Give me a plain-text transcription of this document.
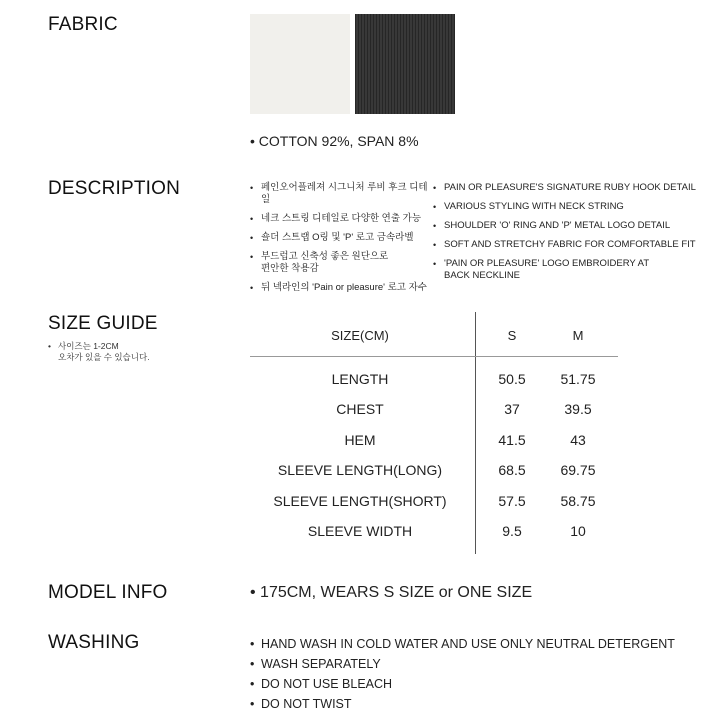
FABRIC
• COTTON 92%, SPAN 8%
DESCRIPTION	• 페인오어플레져 시그니처 루비 후크 디테일
• 네크 스트링 디테일로 다양한 연출 가능
• 숄더 스트랩 O링 및 'P' 로고 금속라벨
• 부드럽고 신축성 좋은 원단으로
편안한 착용감
• 뒤 넥라인의 'Pain or pleasure' 로고 자수
• PAIN OR PLEASURE'S SIGNATURE RUBY HOOK DETAIL
• VARIOUS STYLING WITH NECK STRING
• SHOULDER 'O' RING AND 'P' METAL LOGO DETAIL
• SOFT AND STRETCHY FABRIC FOR COMFORTABLE FIT
• 'PAIN OR PLEASURE' LOGO EMBROIDERY AT
BACK NECKLINE
SIZE GUIDE
• 사이즈는 1-2CM
오차가 있을 수 있습니다.
SIZE(CM)	S	M
LENGTH	50.5	51.75
CHEST	37	39.5
HEM	41.5	43
SLEEVE LENGTH(LONG)	68.5	69.75
SLEEVE LENGTH(SHORT)	57.5	58.75
SLEEVE WIDTH	9.5	10
MODEL INFO	• 175CM, WEARS S SIZE or ONE SIZE
WASHING	• HAND WASH IN COLD WATER AND USE ONLY NEUTRAL DETERGENT
• WASH SEPARATELY
• DO NOT USE BLEACH
• DO NOT TWIST
